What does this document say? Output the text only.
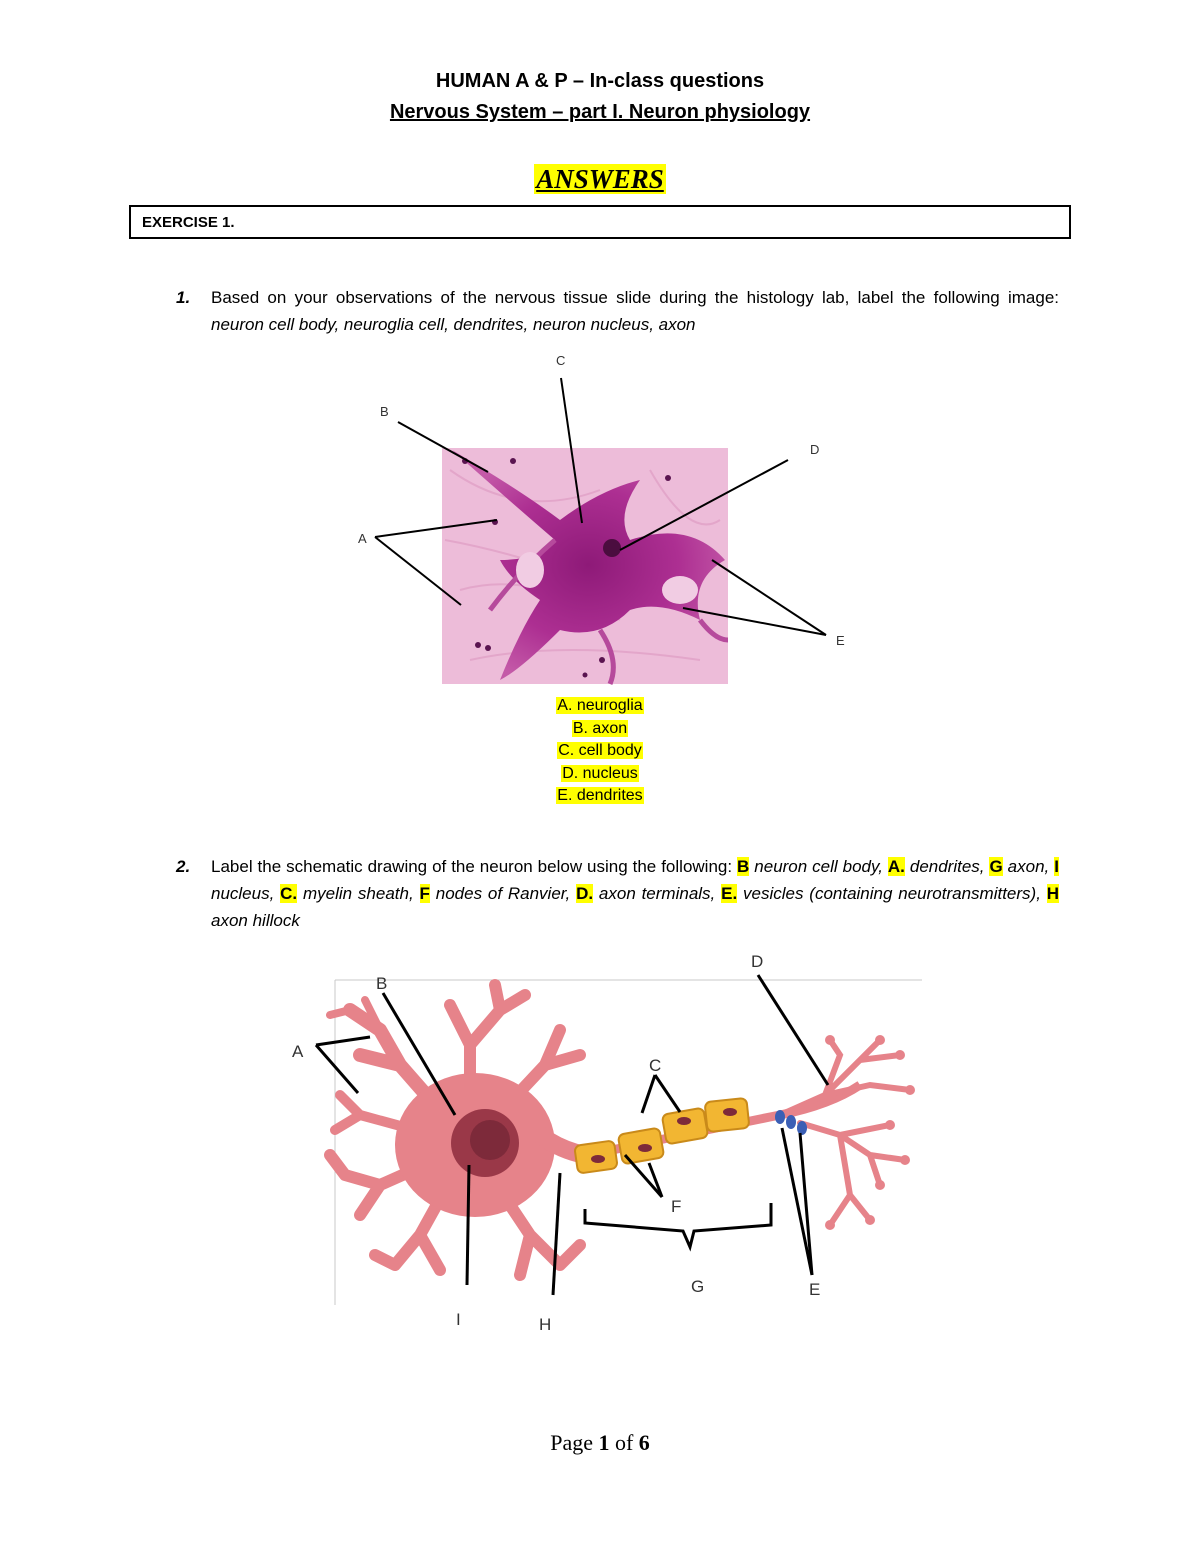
HUMAN A & P – In-class questions
Nervous System – part I. Neuron physiology
ANSWERS
EXERCISE 1.
1. Based on your observations of the nervous tissue slide during the histology lab, label the following image: neuron cell body, neuroglia cell, dendrites, neuron nucleus, axon
B
C
D
A
E
A. neuroglia
B. axon
C. cell body
D. nucleus
E. dendrites
2. Label the schematic drawing of the neuron below using the following: B neuron cell body, A. dendrites, G axon, I nucleus, C. myelin sheath, F nodes of Ranvier, D. axon terminals, E. vesicles (containing neurotransmitters), H axon hillock
A
B
C
D
E
F
G
H
I
Page 1 of 6
